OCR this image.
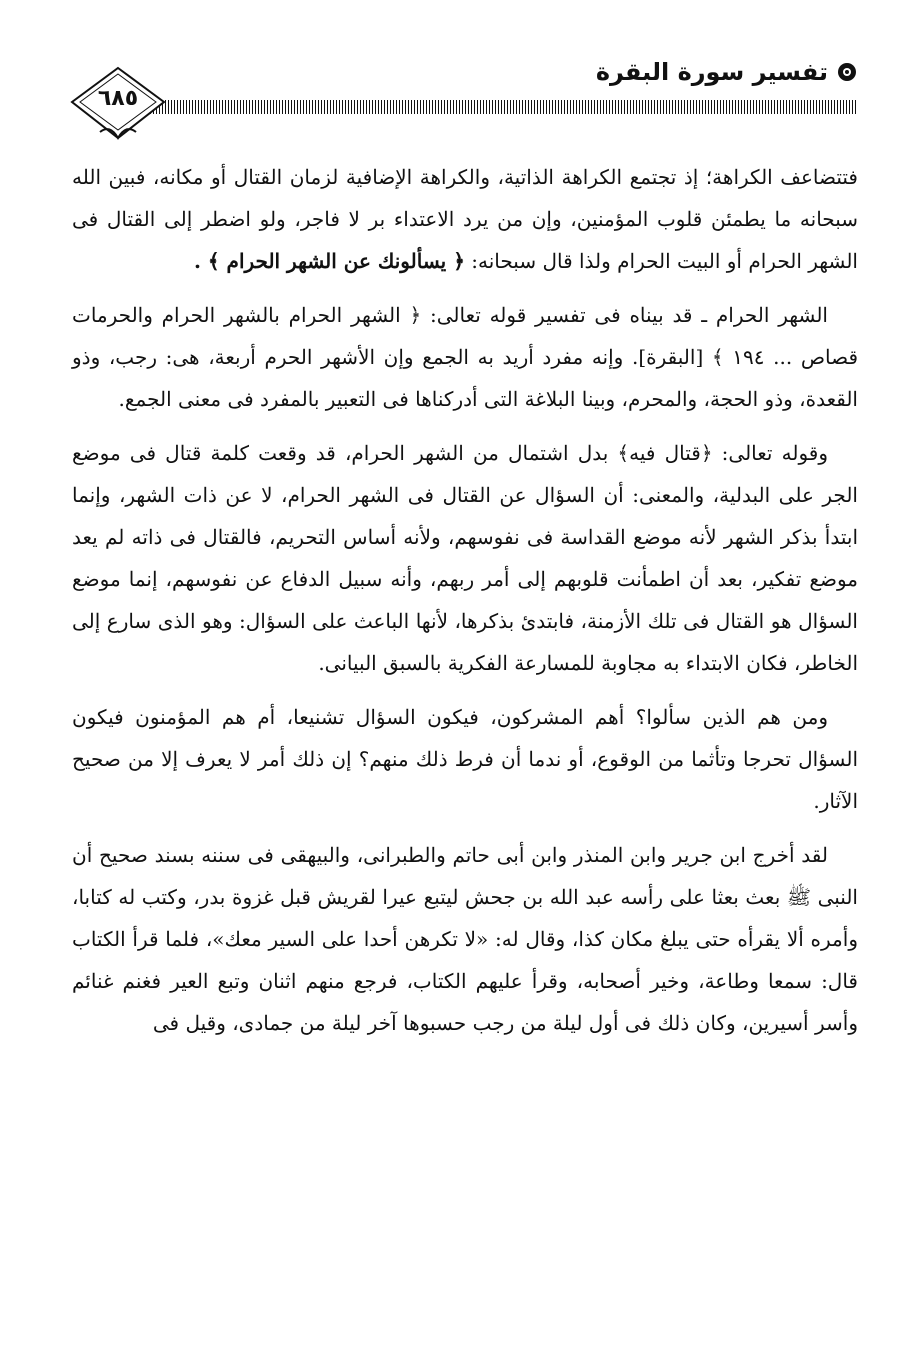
تفسير سورة البقرة
٦٨٥

فتتضاعف الكراهة؛ إذ تجتمع الكراهة الذاتية، والكراهة الإضافية لزمان القتال أو مكانه، فبين الله سبحانه ما يطمئن قلوب المؤمنين، وإن من يرد الاعتداء بر لا فاجر، ولو اضطر إلى القتال فى الشهر الحرام أو البيت الحرام ولذا قال سبحانه: ﴿ يسألونك عن الشهر الحرام ﴾ .

الشهر الحرام ـ قد بيناه فى تفسير قوله تعالى: ﴿ الشهر الحرام بالشهر الحرام والحرمات قصاص ... ١٩٤ ﴾ [البقرة]. وإنه مفرد أريد به الجمع وإن الأشهر الحرم أربعة، هى: رجب، وذو القعدة، وذو الحجة، والمحرم، وبينا البلاغة التى أدركناها فى التعبير بالمفرد فى معنى الجمع.

وقوله تعالى: ﴿قتال فيه﴾ بدل اشتمال من الشهر الحرام، قد وقعت كلمة قتال فى موضع الجر على البدلية، والمعنى: أن السؤال عن القتال فى الشهر الحرام، لا عن ذات الشهر، وإنما ابتدأ بذكر الشهر لأنه موضع القداسة فى نفوسهم، ولأنه أساس التحريم، فالقتال فى ذاته لم يعد موضع تفكير، بعد أن اطمأنت قلوبهم إلى أمر ربهم، وأنه سبيل الدفاع عن نفوسهم، إنما موضع السؤال هو القتال فى تلك الأزمنة، فابتدئ بذكرها، لأنها الباعث على السؤال: وهو الذى سارع إلى الخاطر، فكان الابتداء به مجاوبة للمسارعة الفكرية بالسبق البيانى.

ومن هم الذين سألوا؟ أهم المشركون، فيكون السؤال تشنيعا، أم هم المؤمنون فيكون السؤال تحرجا وتأثما من الوقوع، أو ندما أن فرط ذلك منهم؟ إن ذلك أمر لا يعرف إلا من صحيح الآثار.

لقد أخرج ابن جرير وابن المنذر وابن أبى حاتم والطبرانى، والبيهقى فى سننه بسند صحيح أن النبى ﷺ بعث بعثا على رأسه عبد الله بن جحش ليتبع عيرا لقريش قبل غزوة بدر، وكتب له كتابا، وأمره ألا يقرأه حتى يبلغ مكان كذا، وقال له: «لا تكرهن أحدا على السير معك»، فلما قرأ الكتاب قال: سمعا وطاعة، وخير أصحابه، وقرأ عليهم الكتاب، فرجع منهم اثنان وتبع العير فغنم غنائم وأسر أسيرين، وكان ذلك فى أول ليلة من رجب حسبوها آخر ليلة من جمادى، وقيل فى
